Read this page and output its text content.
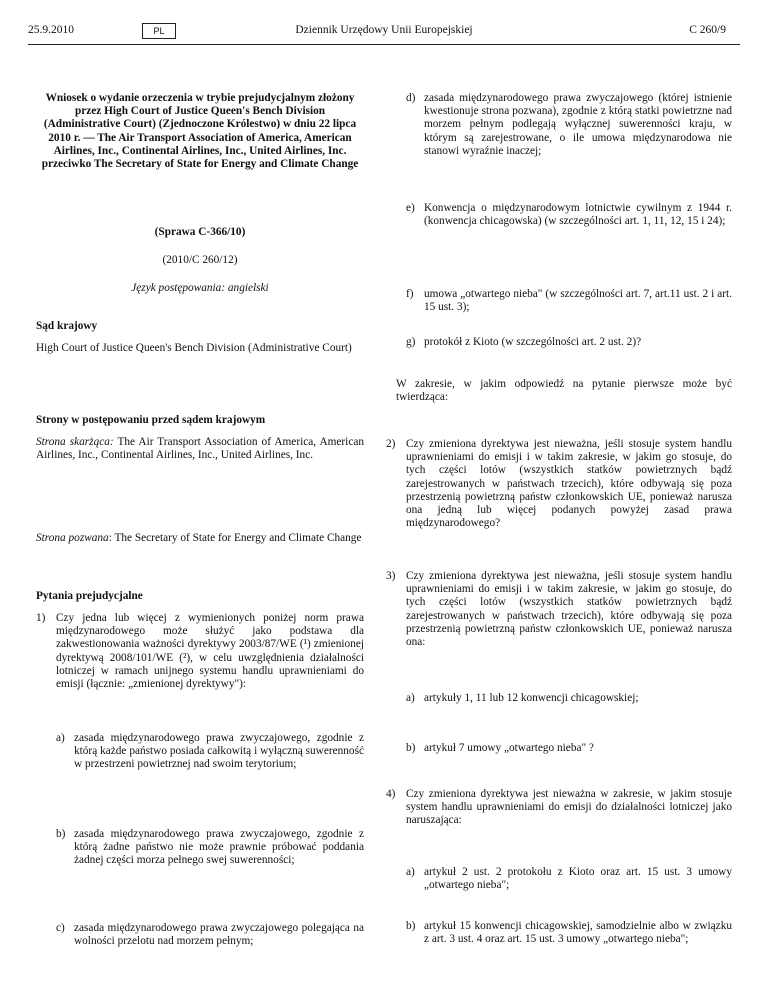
25.9.2010	PL	Dziennik Urzędowy Unii Europejskiej	C 260/9
Wniosek o wydanie orzeczenia w trybie prejudycjalnym złożony przez High Court of Justice Queen's Bench Division (Administrative Court) (Zjednoczone Królestwo) w dniu 22 lipca 2010 r. — The Air Transport Association of America, American Airlines, Inc., Continental Airlines, Inc., United Airlines, Inc. przeciwko The Secretary of State for Energy and Climate Change
(Sprawa C-366/10)
(2010/C 260/12)
Język postępowania: angielski
Sąd krajowy
High Court of Justice Queen's Bench Division (Administrative Court)
Strony w postępowaniu przed sądem krajowym
Strona skarżąca: The Air Transport Association of America, American Airlines, Inc., Continental Airlines, Inc., United Airlines, Inc.
Strona pozwana: The Secretary of State for Energy and Climate Change
Pytania prejudycjalne
1) Czy jedna lub więcej z wymienionych poniżej norm prawa międzynarodowego może służyć jako podstawa dla zakwestionowania ważności dyrektywy 2003/87/WE (¹) zmienionej dyrektywą 2008/101/WE (²), w celu uwzględnienia działalności lotniczej w ramach unijnego systemu handlu uprawnieniami do emisji (łącznie: „zmienionej dyrektywy"):
a) zasada międzynarodowego prawa zwyczajowego, zgodnie z którą każde państwo posiada całkowitą i wyłączną suwerenność w przestrzeni powietrznej nad swoim terytorium;
b) zasada międzynarodowego prawa zwyczajowego, zgodnie z którą żadne państwo nie może prawnie próbować poddania żadnej części morza pełnego swej suwerenności;
c) zasada międzynarodowego prawa zwyczajowego polegająca na wolności przelotu nad morzem pełnym;
d) zasada międzynarodowego prawa zwyczajowego (której istnienie kwestionuje strona pozwana), zgodnie z którą statki powietrzne nad morzem pełnym podlegają wyłącznej suwerenności kraju, w którym są zarejestrowane, o ile umowa międzynarodowa nie stanowi wyraźnie inaczej;
e) Konwencja o międzynarodowym lotnictwie cywilnym z 1944 r. (konwencja chicagowska) (w szczególności art. 1, 11, 12, 15 i 24);
f) umowa „otwartego nieba" (w szczególności art. 7, art.11 ust. 2 i art. 15 ust. 3);
g) protokół z Kioto (w szczególności art. 2 ust. 2)?
W zakresie, w jakim odpowiedź na pytanie pierwsze może być twierdząca:
2) Czy zmieniona dyrektywa jest nieważna, jeśli stosuje system handlu uprawnieniami do emisji i w takim zakresie, w jakim go stosuje, do tych części lotów (wszystkich statków powietrznych bądź zarejestrowanych w państwach trzecich), które odbywają się poza przestrzenią powietrzną państw członkowskich UE, ponieważ narusza ona jedną lub więcej podanych powyżej zasad prawa międzynarodowego?
3) Czy zmieniona dyrektywa jest nieważna, jeśli stosuje system handlu uprawnieniami do emisji i w takim zakresie, w jakim go stosuje, do tych części lotów (wszystkich statków powietrznych bądź zarejestrowanych w państwach trzecich), które odbywają się poza przestrzenią powietrzną państw członkowskich UE, ponieważ narusza ona:
a) artykuły 1, 11 lub 12 konwencji chicagowskiej;
b) artykuł 7 umowy „otwartego nieba" ?
4) Czy zmieniona dyrektywa jest nieważna w zakresie, w jakim stosuje system handlu uprawnieniami do emisji do działalności lotniczej jako naruszająca:
a) artykuł 2 ust. 2 protokołu z Kioto oraz art. 15 ust. 3 umowy „otwartego nieba";
b) artykuł 15 konwencji chicagowskiej, samodzielnie albo w związku z art. 3 ust. 4 oraz art. 15 ust. 3 umowy „otwartego nieba";
